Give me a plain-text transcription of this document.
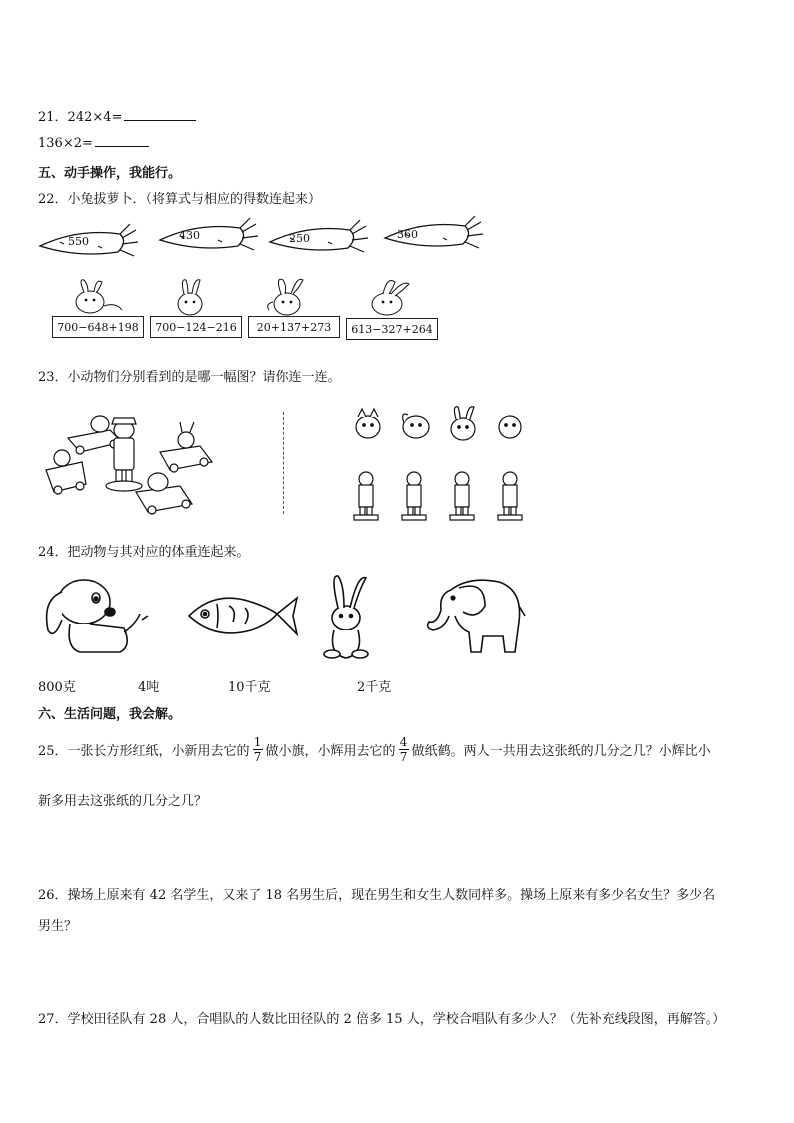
21．242×4=
136×2=
五、动手操作，我能行。
22．小兔拔萝卜．（将算式与相应的得数连起来）
550	430	250	360
700−648+198	700−124−216	20+137+273	613−327+264
23．小动物们分别看到的是哪一幅图？请你连一连。
24．把动物与其对应的体重连起来。
800克	4吨	10千克	2千克
六、生活问题，我会解。
25．一张长方形红纸，小新用去它的 $\frac{1}{7}$ 做小旗，小辉用去它的 $\frac{4}{7}$ 做纸鹤。两人一共用去这张纸的几分之几？小辉比小
新多用去这张纸的几分之几？
26．操场上原来有 42 名学生，又来了 18 名男生后，现在男生和女生人数同样多。操场上原来有多少名女生？多少名
男生？
27．学校田径队有 28 人，合唱队的人数比田径队的 2 倍多 15 人，学校合唱队有多少人？（先补充线段图，再解答。）
